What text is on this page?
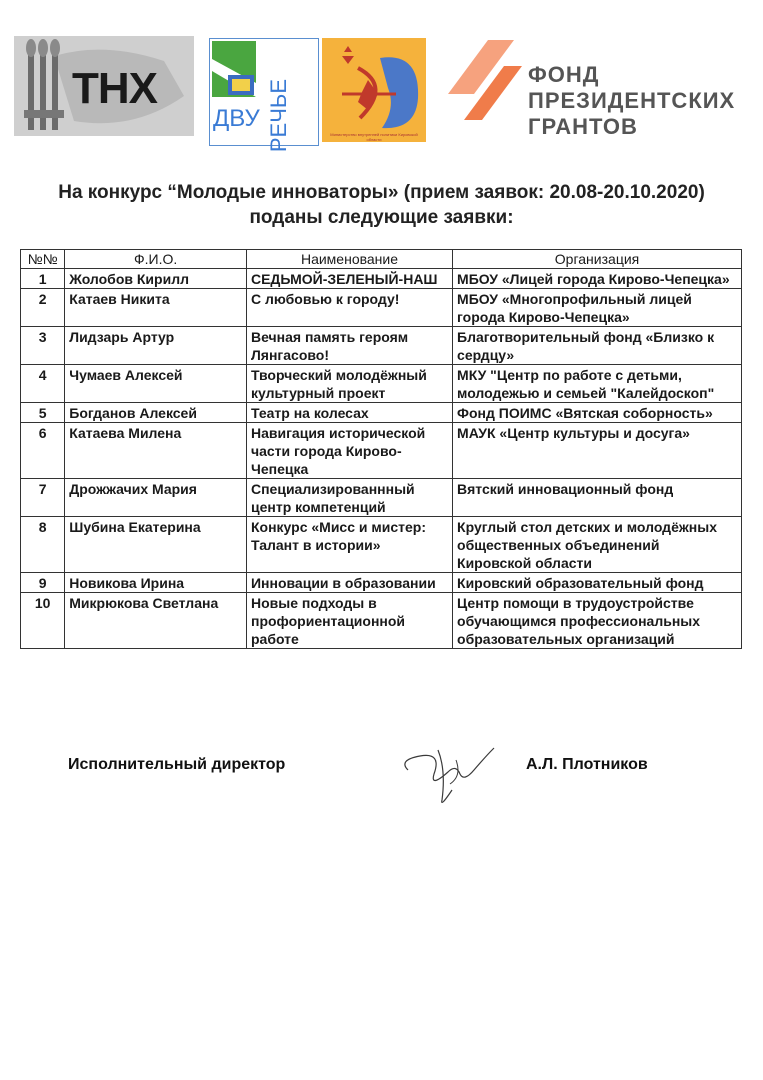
ТНХ
ДВУ РЕЧЬЕ	Министерство внутренней политики Кировской области
ФОНД
ПРЕЗИДЕНТСКИХ
ГРАНТОВ
На конкурс “Молодые инноваторы» (прием заявок: 20.08-20.10.2020)
поданы следующие заявки:
№№	Ф.И.О.	Наименование	Организация
1	Жолобов Кирилл	СЕДЬМОЙ-ЗЕЛЕНЫЙ-НАШ	МБОУ «Лицей города Кирово-Чепецка»
2	Катаев Никита	С любовью к городу!	МБОУ «Многопрофильный лицей города Кирово-Чепецка»
3	Лидзарь Артур	Вечная память героям Лянгасово!	Благотворительный фонд «Близко к сердцу»
4	Чумаев Алексей	Творческий молодёжный культурный проект	МКУ "Центр по работе с детьми, молодежью и семьей "Калейдоскоп"
5	Богданов Алексей	Театр на колесах	Фонд ПОИМС «Вятская соборность»
6	Катаева Милена	Навигация исторической части города Кирово-Чепецка	МАУК «Центр культуры и досуга»
7	Дрожжачих Мария	Специализированнный центр компетенций	Вятский инновационный фонд
8	Шубина Екатерина	Конкурс «Мисс и мистер: Талант в истории»	Круглый стол детских и молодёжных общественных объединений Кировской области
9	Новикова Ирина	Инновации в образовании	Кировский образовательный фонд
10	Микрюкова Светлана	Новые подходы в профориентационной работе	Центр помощи в трудоустройстве обучающимся профессиональных образовательных организаций
Исполнительный директор	А.Л. Плотников
